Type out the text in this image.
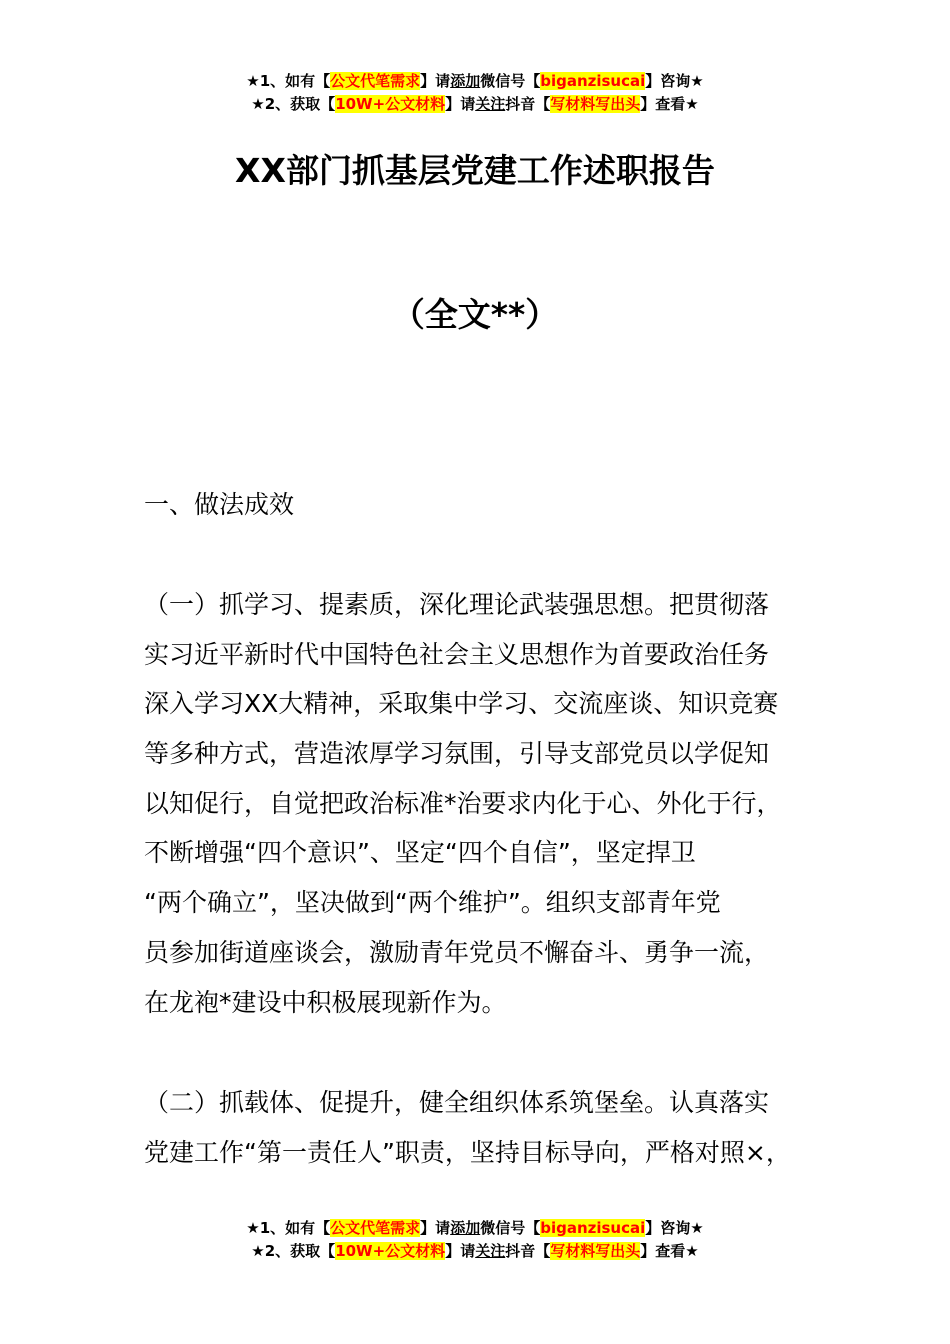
★1、如有【公文代笔需求】请添加微信号【biganzisucai】咨询★
★2、获取【10W+公文材料】请关注抖音【写材料写出头】查看★
XX部门抓基层党建工作述职报告
（全文**）
一、做法成效
（一）抓学习、提素质，深化理论武装强思想。把贯彻落
实习近平新时代中国特色社会主义思想作为首要政治任务
深入学习XX大精神，采取集中学习、交流座谈、知识竞赛
等多种方式，营造浓厚学习氛围，引导支部党员以学促知
以知促行，自觉把政治标准*治要求内化于心、外化于行，
不断增强“四个意识”、坚定“四个自信”，坚定捍卫
“两个确立”，坚决做到“两个维护”。组织支部青年党
员参加街道座谈会，激励青年党员不懈奋斗、勇争一流，
在龙袍*建设中积极展现新作为。
（二）抓载体、促提升，健全组织体系筑堡垒。认真落实
党建工作“第一责任人”职责，坚持目标导向，严格对照×，
★1、如有【公文代笔需求】请添加微信号【biganzisucai】咨询★
★2、获取【10W+公文材料】请关注抖音【写材料写出头】查看★
